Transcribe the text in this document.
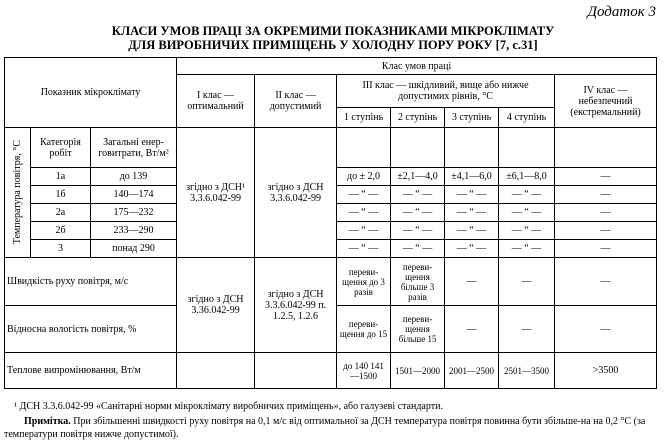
Додаток 3
КЛАСИ УМОВ ПРАЦІ ЗА ОКРЕМИМИ ПОКАЗНИКАМИ МІКРОКЛІМАТУ
ДЛЯ ВИРОБНИЧИХ ПРИМІЩЕНЬ У ХОЛОДНУ ПОРУ РОКУ [7, с.31]
Показник мікроклімату			Клас умов праці						
			І клас — оптимальний	ІІ клас — допустимий	ІІІ клас — шкідливий, вище або нижче допустимих рівнів, °С				IV клас — небезпечний (екстремальний)
					1 ступінь	2 ступінь	3 ступінь	4 ступінь	

Температура повітря, °С	Категорія робіт	Загальні енер-говитрати, Вт/м²	згідно з ДСН¹ 3.3.6.042-99	згідно з ДСН 3.3.6.042-99					
	1а	до 139			до ± 2,0	±2,1—4,0	±4,1—6,0	±6,1—8,0	—
	1б	140—174			— “ —	— “ —	— “ —	— “ —	—
	2а	175—232			— “ —	— “ —	— “ —	— “ —	—
	2б	233—290			— “ —	— “ —	— “ —	— “ —	—
	3	понад 290			— “ —	— “ —	— “ —	— “ —	—
Швидкість руху повітря, м/с			згідно з ДСН 3.36.042-99	згідно з ДСН 3.3.6.042-99 п. 1.2.5, 1.2.6	переви-щення до 3 разів	переви-щення більше 3 разів	—	—	—
Відносна вологість повітря, %					переви-щення до 15	переви-щення більше 15	—	—	—
Теплове випромінювання, Вт/м					до 140 141—1500	1501—2000	2001—2500	2501—3500	>3500
¹ ДСН 3.3.6.042-99 «Санітарні норми мікроклімату виробничих приміщень», або галузеві стандарти.
Примітка. При збільшенні швидкості руху повітря на 0,1 м/с від оптимальної за ДСН температура повітря повинна бути збільше-на на 0,2 °С (за температури повітря нижче допустимої).
